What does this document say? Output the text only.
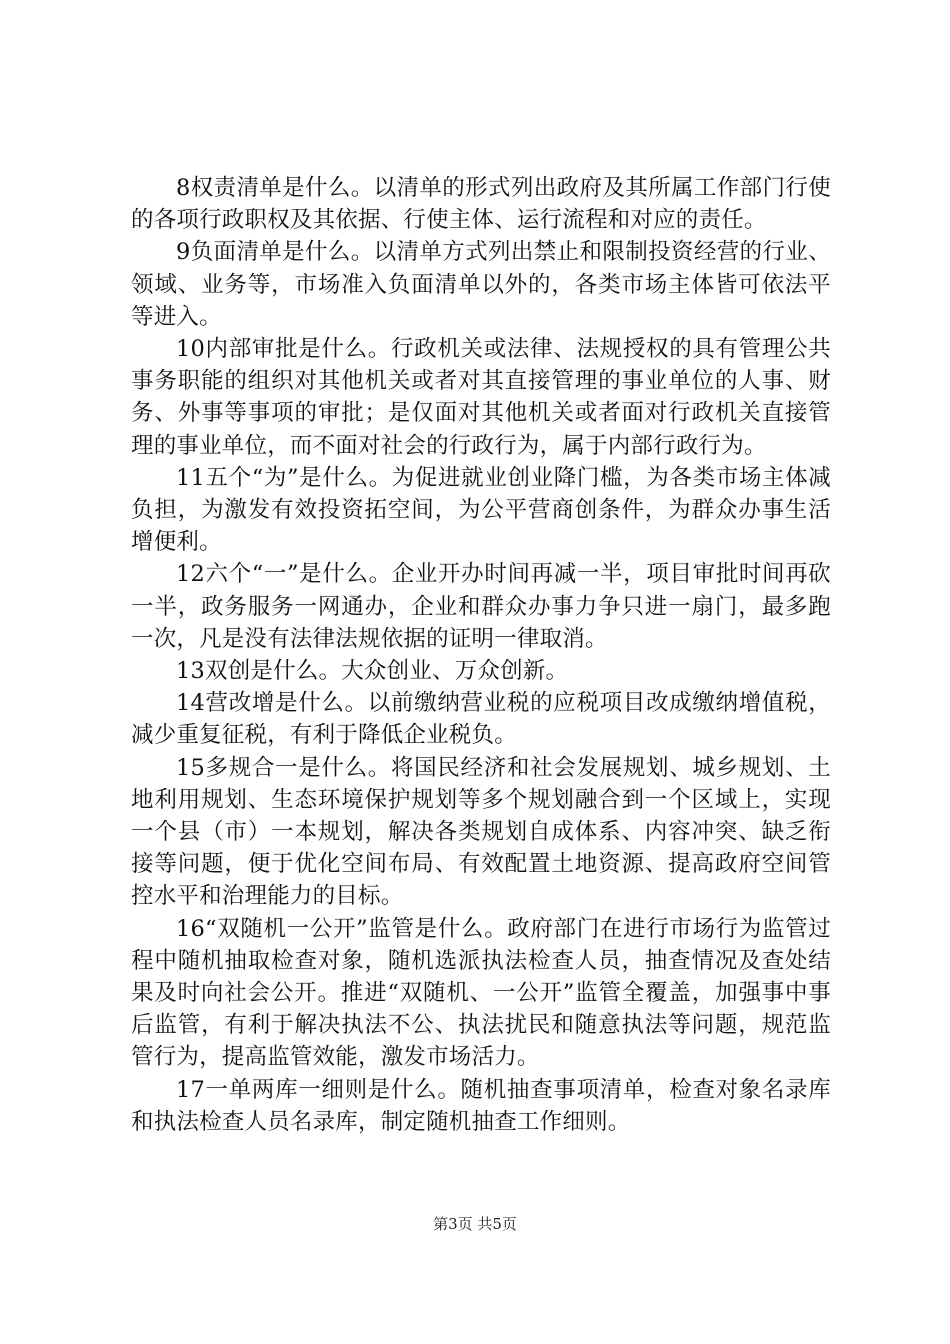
8权责清单是什么。以清单的形式列出政府及其所属工作部门行使的各项行政职权及其依据、行使主体、运行流程和对应的责任。

9负面清单是什么。以清单方式列出禁止和限制投资经营的行业、领域、业务等，市场准入负面清单以外的，各类市场主体皆可依法平等进入。

10内部审批是什么。行政机关或法律、法规授权的具有管理公共事务职能的组织对其他机关或者对其直接管理的事业单位的人事、财务、外事等事项的审批；是仅面对其他机关或者面对行政机关直接管理的事业单位，而不面对社会的行政行为，属于内部行政行为。

11五个“为”是什么。为促进就业创业降门槛，为各类市场主体减负担，为激发有效投资拓空间，为公平营商创条件，为群众办事生活增便利。

12六个“一”是什么。企业开办时间再减一半，项目审批时间再砍一半，政务服务一网通办，企业和群众办事力争只进一扇门，最多跑一次，凡是没有法律法规依据的证明一律取消。

13双创是什么。大众创业、万众创新。

14营改增是什么。以前缴纳营业税的应税项目改成缴纳增值税，减少重复征税，有利于降低企业税负。

15多规合一是什么。将国民经济和社会发展规划、城乡规划、土地利用规划、生态环境保护规划等多个规划融合到一个区域上，实现一个县（市）一本规划，解决各类规划自成体系、内容冲突、缺乏衔接等问题，便于优化空间布局、有效配置土地资源、提高政府空间管控水平和治理能力的目标。

16“双随机一公开”监管是什么。政府部门在进行市场行为监管过程中随机抽取检查对象，随机选派执法检查人员，抽查情况及查处结果及时向社会公开。推进“双随机、一公开”监管全覆盖，加强事中事后监管，有利于解决执法不公、执法扰民和随意执法等问题，规范监管行为，提高监管效能，激发市场活力。

17一单两库一细则是什么。随机抽查事项清单，检查对象名录库和执法检查人员名录库，制定随机抽查工作细则。

第3页 共5页
